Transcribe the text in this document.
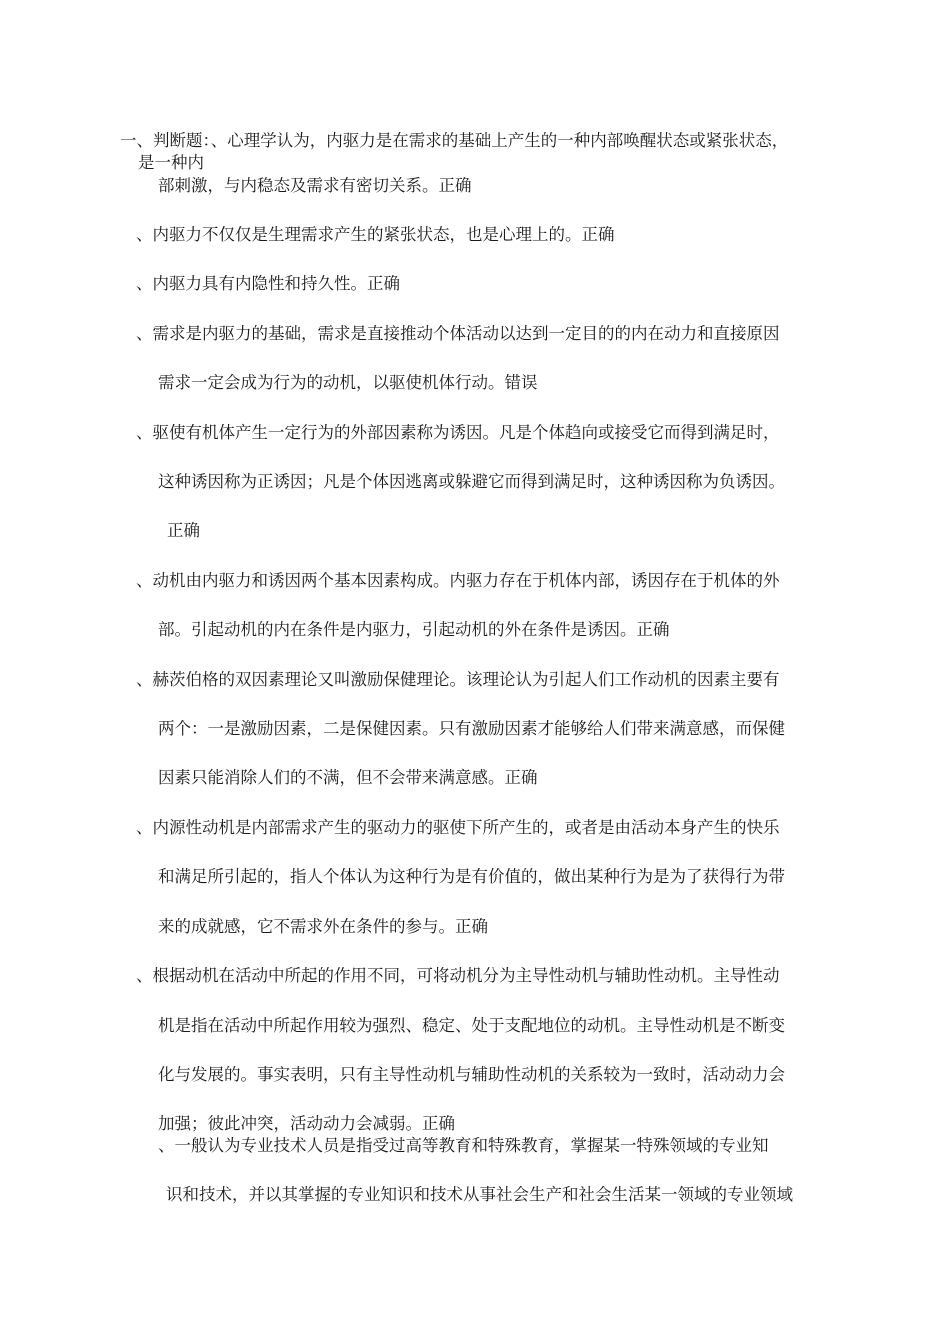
一、判断题：、心理学认为，内驱力是在需求的基础上产生的一种内部唤醒状态或紧张状态，
是一种内
部刺激，与内稳态及需求有密切关系。正确
、内驱力不仅仅是生理需求产生的紧张状态，也是心理上的。正确
、内驱力具有内隐性和持久性。正确
、需求是内驱力的基础，需求是直接推动个体活动以达到一定目的的内在动力和直接原因
需求一定会成为行为的动机，以驱使机体行动。错误
、驱使有机体产生一定行为的外部因素称为诱因。凡是个体趋向或接受它而得到满足时，
这种诱因称为正诱因；凡是个体因逃离或躲避它而得到满足时，这种诱因称为负诱因。
正确
、动机由内驱力和诱因两个基本因素构成。内驱力存在于机体内部，诱因存在于机体的外
部。引起动机的内在条件是内驱力，引起动机的外在条件是诱因。正确
、赫茨伯格的双因素理论又叫激励保健理论。该理论认为引起人们工作动机的因素主要有
两个：一是激励因素，二是保健因素。只有激励因素才能够给人们带来满意感，而保健
因素只能消除人们的不满，但不会带来满意感。正确
、内源性动机是内部需求产生的驱动力的驱使下所产生的，或者是由活动本身产生的快乐
和满足所引起的，指人个体认为这种行为是有价值的，做出某种行为是为了获得行为带
来的成就感，它不需求外在条件的参与。正确
、根据动机在活动中所起的作用不同，可将动机分为主导性动机与辅助性动机。主导性动
机是指在活动中所起作用较为强烈、稳定、处于支配地位的动机。主导性动机是不断变
化与发展的。事实表明，只有主导性动机与辅助性动机的关系较为一致时，活动动力会
加强；彼此冲突，活动动力会减弱。正确
、一般认为专业技术人员是指受过高等教育和特殊教育，掌握某一特殊领域的专业知
识和技术，并以其掌握的专业知识和技术从事社会生产和社会生活某一领域的专业领域
